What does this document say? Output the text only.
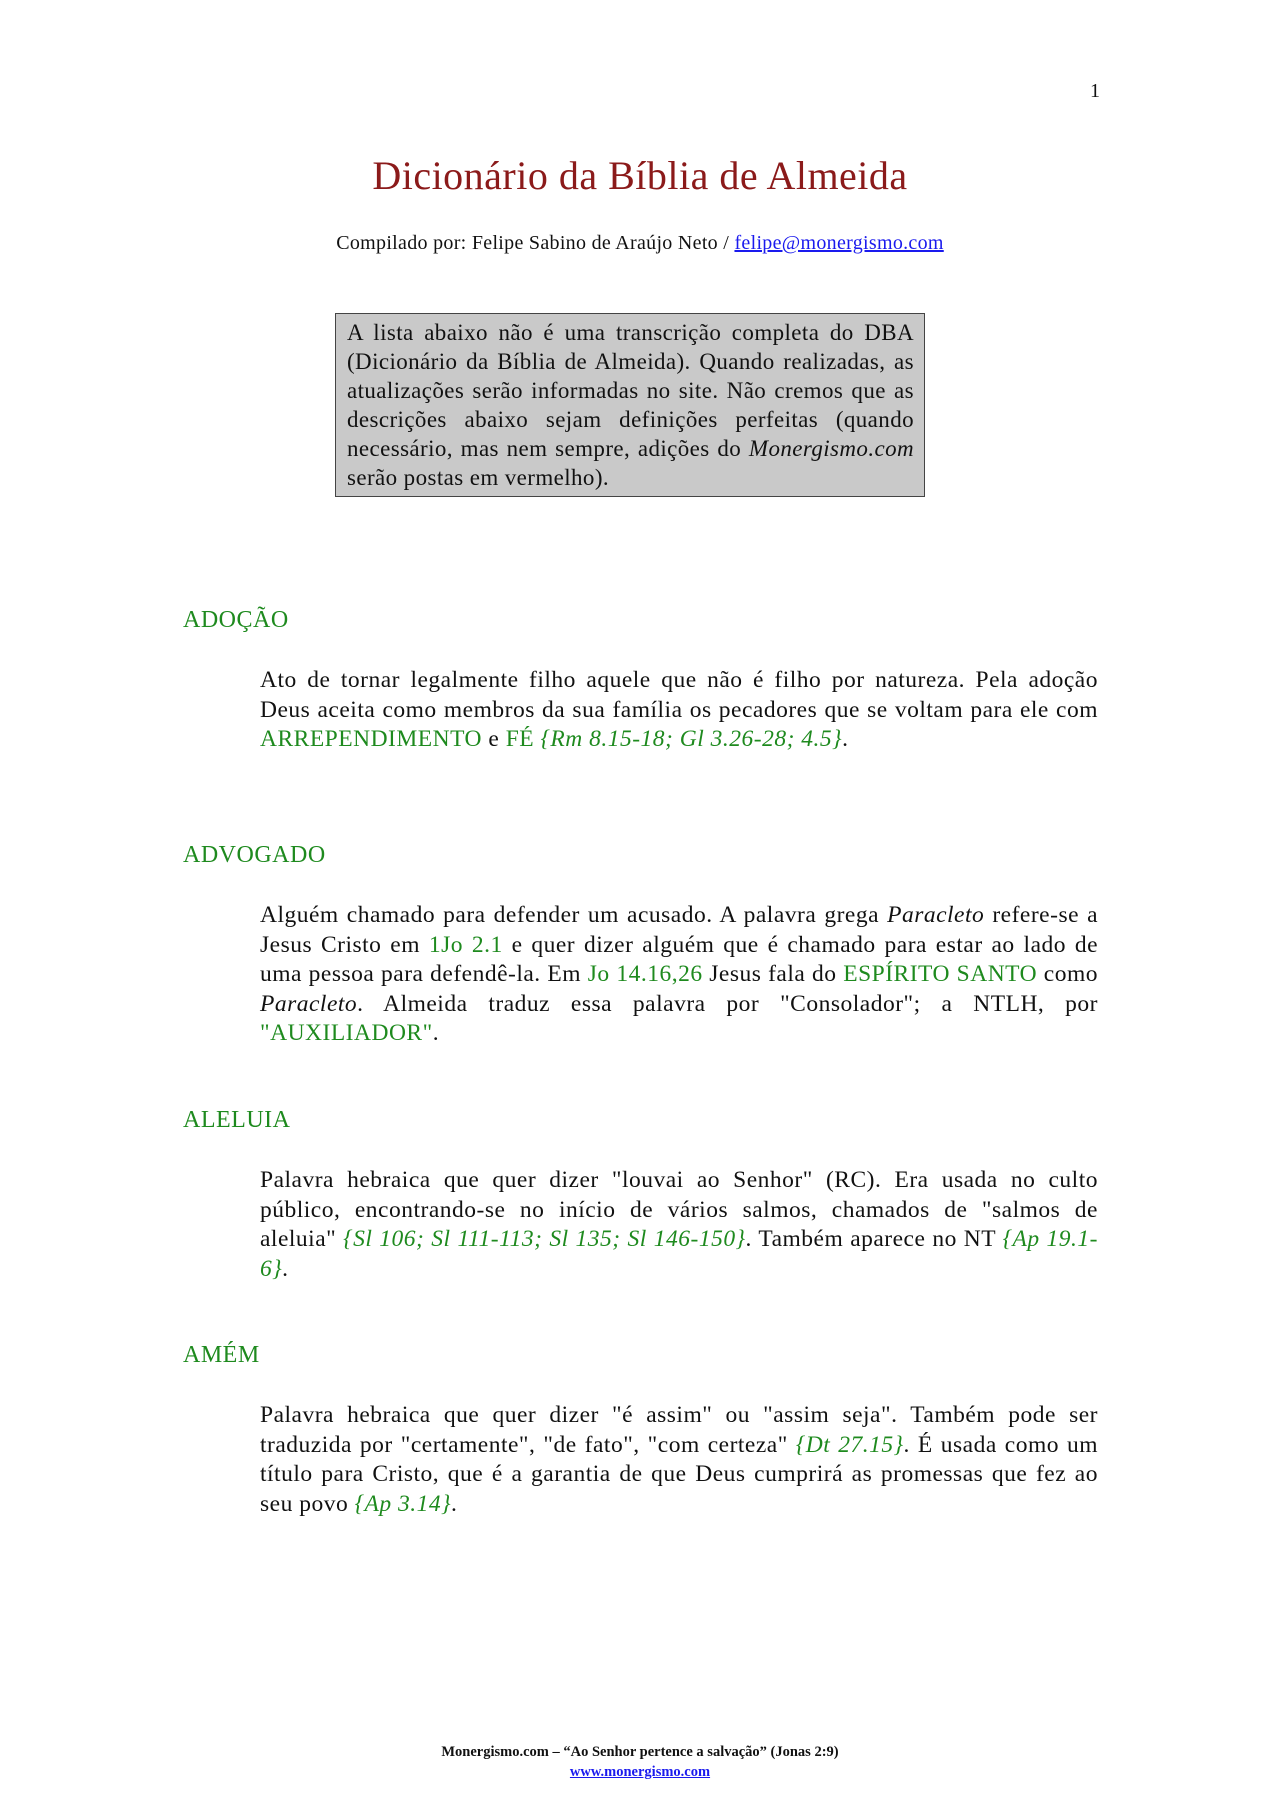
1
Dicionário da Bíblia de Almeida
Compilado por: Felipe Sabino de Araújo Neto / felipe@monergismo.com
A lista abaixo não é uma transcrição completa do DBA (Dicionário da Bíblia de Almeida). Quando realizadas, as atualizações serão informadas no site. Não cremos que as descrições abaixo sejam definições perfeitas (quando necessário, mas nem sempre, adições do Monergismo.com serão postas em vermelho).
ADOÇÃO
Ato de tornar legalmente filho aquele que não é filho por natureza. Pela adoção Deus aceita como membros da sua família os pecadores que se voltam para ele com ARREPENDIMENTO e FÉ {Rm 8.15-18; Gl 3.26-28; 4.5}.
ADVOGADO
Alguém chamado para defender um acusado. A palavra grega Paracleto refere-se a Jesus Cristo em 1Jo 2.1 e quer dizer alguém que é chamado para estar ao lado de uma pessoa para defendê-la. Em Jo 14.16,26 Jesus fala do ESPÍRITO SANTO como Paracleto. Almeida traduz essa palavra por "Consolador"; a NTLH, por "AUXILIADOR".
ALELUIA
Palavra hebraica que quer dizer "louvai ao Senhor" (RC). Era usada no culto público, encontrando-se no início de vários salmos, chamados de "salmos de aleluia" {Sl 106; Sl 111-113; Sl 135; Sl 146-150}. Também aparece no NT {Ap 19.1-6}.
AMÉM
Palavra hebraica que quer dizer "é assim" ou "assim seja". Também pode ser traduzida por "certamente", "de fato", "com certeza" {Dt 27.15}. É usada como um título para Cristo, que é a garantia de que Deus cumprirá as promessas que fez ao seu povo {Ap 3.14}.
Monergismo.com – “Ao Senhor pertence a salvação” (Jonas 2:9)
www.monergismo.com
